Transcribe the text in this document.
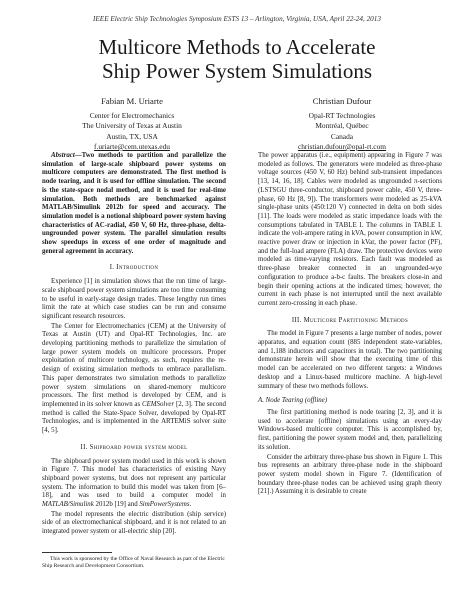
IEEE Electric Ship Technologies Symposium ESTS 13 – Arlington, Virginia, USA, April 22-24, 2013
Multicore Methods to Accelerate
Ship Power System Simulations
Fabian M. Uriarte
Center for Electromechanics
The University of Texas at Austin
Austin, TX, USA
f.uriarte@cem.utexas.edu
Christian Dufour
Opal-RT Technologies
Montréal, Québec
Canada
christian.dufour@opal-rt.com

Abstract—Two methods to partition and parallelize the simulation of large-scale shipboard power systems on multicore computers are demonstrated. The first method is node tearing, and it is used for offline simulation. The second is the state-space nodal method, and it is used for real-time simulation. Both methods are benchmarked against MATLAB/Simulink 2012b for speed and accuracy. The simulation model is a notional shipboard power system having characteristics of AC-radial, 450 V, 60 Hz, three-phase, delta-ungrounded power system. The parallel simulation results show speedups in excess of one order of magnitude and general agreement in accuracy.

I. Introduction

Experience [1] in simulation shows that the run time of large-scale shipboard power system simulations are too time consuming to be useful in early-stage design trades. These lengthy run times limit the rate at which case studies can be run and consume significant research resources.

The Center for Electromechanics (CEM) at the University of Texas at Austin (UT) and Opal-RT Technologies, Inc. are developing partitioning methods to parallelize the simulation of large power system models on multicore processors. Proper exploitation of multicore technology, as such, requires the re-design of existing simulation methods to embrace parallelism. This paper demonstrates two simulation methods to parallelize power system simulations on shared-memory multicore processors. The first method is developed by CEM, and is implemented in its solver known as CEMSolver [2, 3]. The second method is called the State-Space Solver, developed by Opal-RT Technologies, and is implemented in the ARTEMiS solver suite [4, 5].

II. Shipboard power system model

The shipboard power system model used in this work is shown in Figure 7. This model has characteristics of existing Navy shipboard power systems, but does not represent any particular system. The information to build this model was taken from [6–18], and was used to build a computer model in MATLAB/Simulink 2012b [19] and SimPowerSystems.

The model represents the electric distribution (ship service) side of an electromechanical shipboard, and it is not related to an integrated power system or all-electric ship [20].

The power apparatus (i.e., equipment) appearing in Figure 7 was modeled as follows. The generators were modeled as three-phase voltage sources (450 V, 60 Hz) behind sub-transient impedances [13, 14, 16, 18]. Cables were modeled as ungrounded π-sections (LSTSGU three-conductor, shipboard power cable, 450 V, three-phase, 60 Hz [8, 9]). The transformers were modeled as 25-kVA single-phase units (450:120 V) connected in delta on both sides [11]. The loads were modeled as static impedance loads with the consumptions tabulated in TABLE I. The columns in TABLE I. indicate the volt-ampere rating in kVA, power consumption in kW, reactive power draw or injection in kVar, the power factor (PF), and the full-load ampere (FLA) draw. The protective devices were modeled as time-varying resistors. Each fault was modeled as three-phase breaker connected in an ungrounded-wye configuration to produce a-b-c faults. The breakers close-in and begin their opening actions at the indicated times; however, the current in each phase is not interrupted until the next available current zero-crossing in each phase.

III. Multicore Partitioning Methods

The model in Figure 7 presents a large number of nodes, power apparatus, and equation count (885 independent state-variables, and 1,188 inductors and capacitors in total). The two partitioning demonstrate herein will show that the executing time of this model can be accelerated on two different targets: a Windows desktop and a Linux-based multicore machine. A high-level summary of these two methods follows.

A. Node Tearing (offline)

The first partitioning method is node tearing [2, 3], and it is used to accelerate (offline) simulations using an every-day Windows-based multicore computer. This is accomplished by, first, partitioning the power system model and, then, parallelizing its solution.

Consider the arbitrary three-phase bus shown in Figure 1. This bus represents an arbitrary three-phase node in the shipboard power system model shown in Figure 7. (Identification of boundary three-phase nodes can be achieved using graph theory [21].) Assuming it is desirable to create

This work is sponsored by the Office of Naval Research as part of the Electric Ship Research and Development Consortium.
